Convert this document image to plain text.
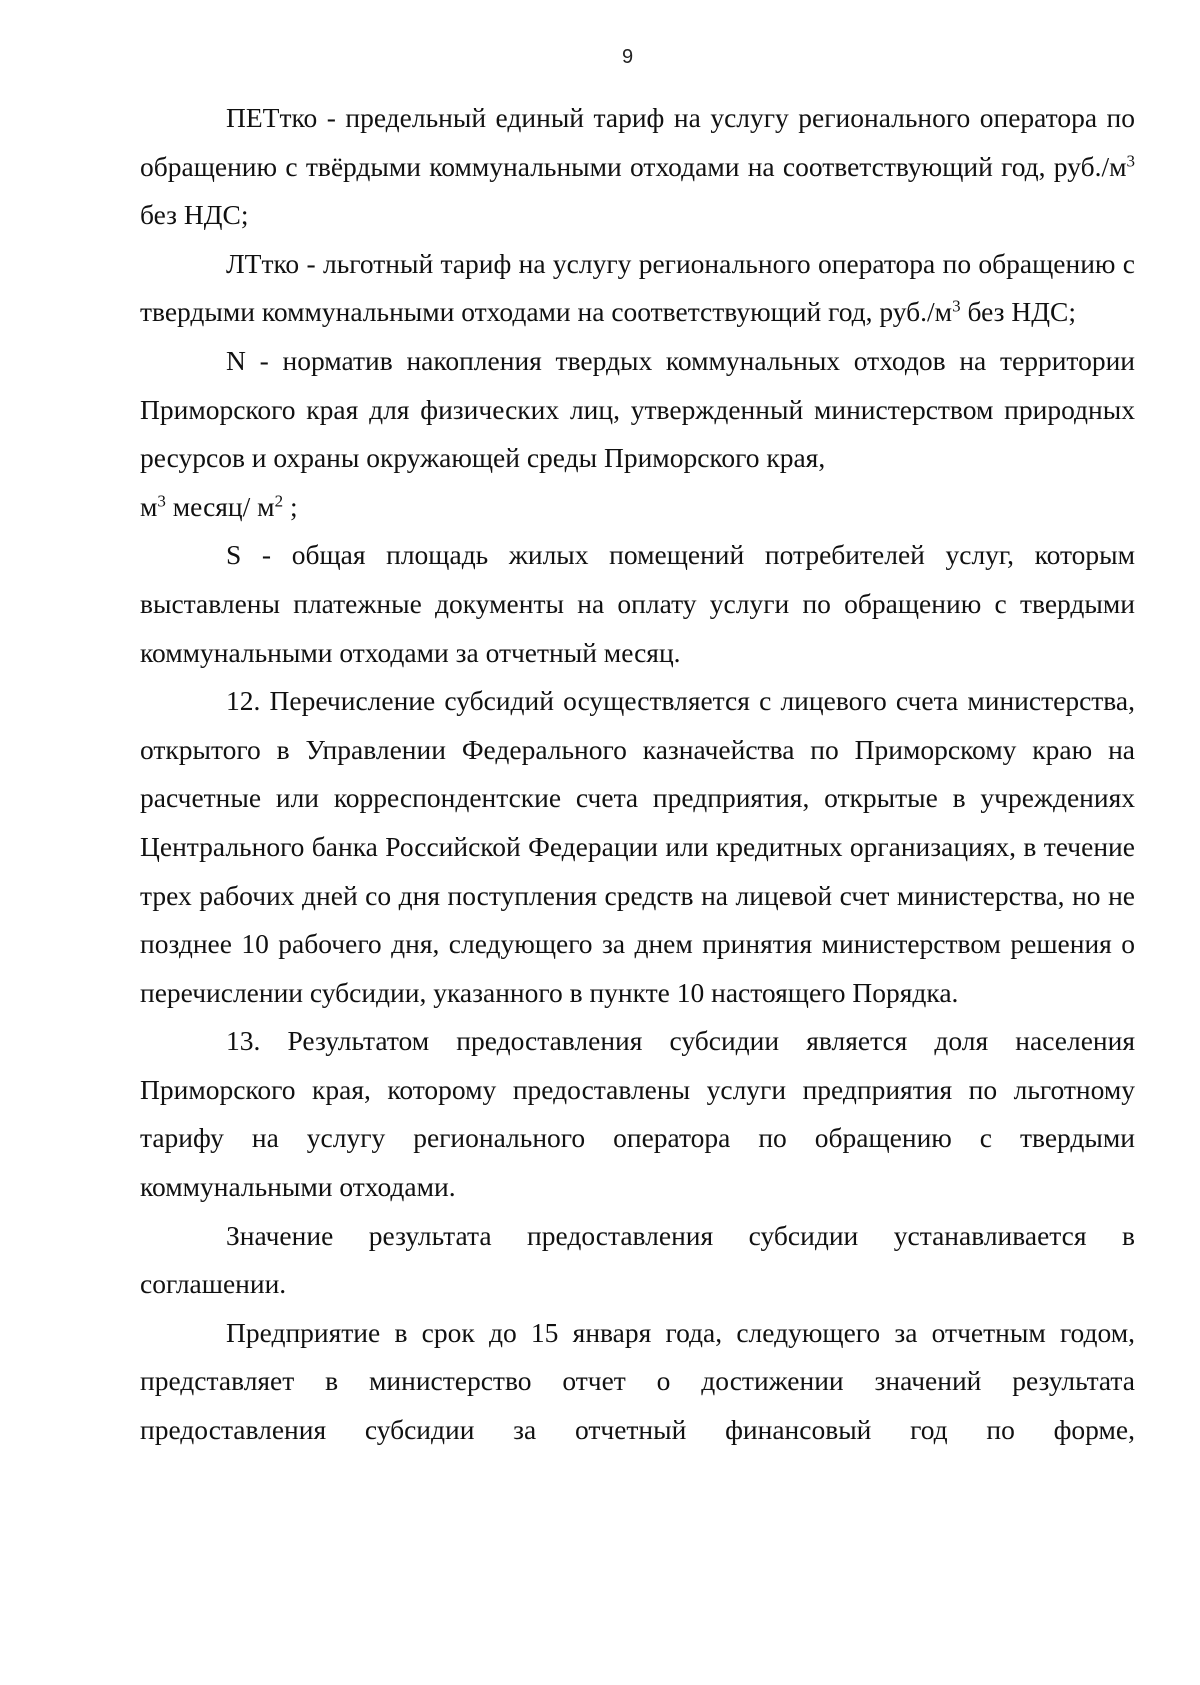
9

ПЕТтко - предельный единый тариф на услугу регионального оператора по обращению с твёрдыми коммунальными отходами на соответствующий год, $руб./м^3$ без НДС;

ЛТтко - льготный тариф на услугу регионального оператора по обращению с твердыми коммунальными отходами на соответствующий год, $руб./м^3$ без НДС;

N - норматив накопления твердых коммунальных отходов на территории Приморского края для физических лиц, утвержденный министерством природных ресурсов и охраны окружающей среды Приморского края,
$м^3$ месяц/ $м^2$ ;

S - общая площадь жилых помещений потребителей услуг, которым выставлены платежные документы на оплату услуги по обращению с твердыми коммунальными отходами за отчетный месяц.

12. Перечисление субсидий осуществляется с лицевого счета министерства, открытого в Управлении Федерального казначейства по Приморскому краю на расчетные или корреспондентские счета предприятия, открытые в учреждениях Центрального банка Российской Федерации или кредитных организациях, в течение трех рабочих дней со дня поступления средств на лицевой счет министерства, но не позднее 10 рабочего дня, следующего за днем принятия министерством решения о перечислении субсидии, указанного в пункте 10 настоящего Порядка.

13. Результатом предоставления субсидии является доля населения Приморского края, которому предоставлены услуги предприятия по льготному тарифу на услугу регионального оператора по обращению с твердыми коммунальными отходами.

Значение результата предоставления субсидии устанавливается в соглашении.

Предприятие в срок до 15 января года, следующего за отчетным годом, представляет в министерство отчет о достижении значений результата предоставления субсидии за отчетный финансовый год по форме,
